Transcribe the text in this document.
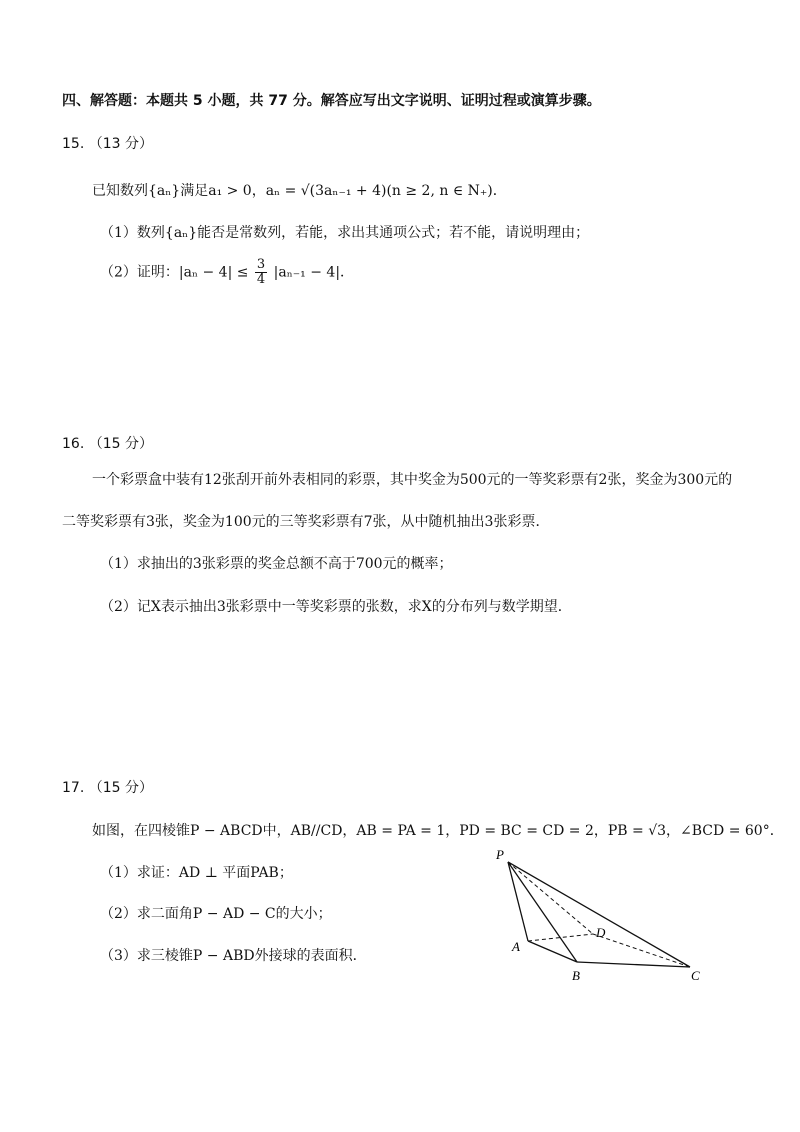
四、解答题：本题共 5 小题，共 77 分。解答应写出文字说明、证明过程或演算步骤。
15. （13 分）
已知数列{aₙ}满足a₁ > 0，aₙ = √(3aₙ₋₁ + 4)(n ≥ 2, n ∈ N₊)．
（1）数列{aₙ}能否是常数列，若能，求出其通项公式；若不能，请说明理由；
（2）证明：$|a_n - 4| \le \frac{3}{4} |a_{n-1} - 4|$．
16. （15 分）
一个彩票盒中装有12张刮开前外表相同的彩票，其中奖金为500元的一等奖彩票有2张，奖金为300元的
二等奖彩票有3张，奖金为100元的三等奖彩票有7张，从中随机抽出3张彩票．
（1）求抽出的3张彩票的奖金总额不高于700元的概率；
（2）记X表示抽出3张彩票中一等奖彩票的张数，求X的分布列与数学期望．
17. （15 分）
如图，在四棱锥P − ABCD中，AB//CD，AB = PA = 1，PD = BC = CD = 2，PB = √3，∠BCD = 60°．
（1）求证：AD ⊥ 平面PAB；
（2）求二面角P − AD − C的大小；
（3）求三棱锥P − ABD外接球的表面积．
P
A
B	C
D
